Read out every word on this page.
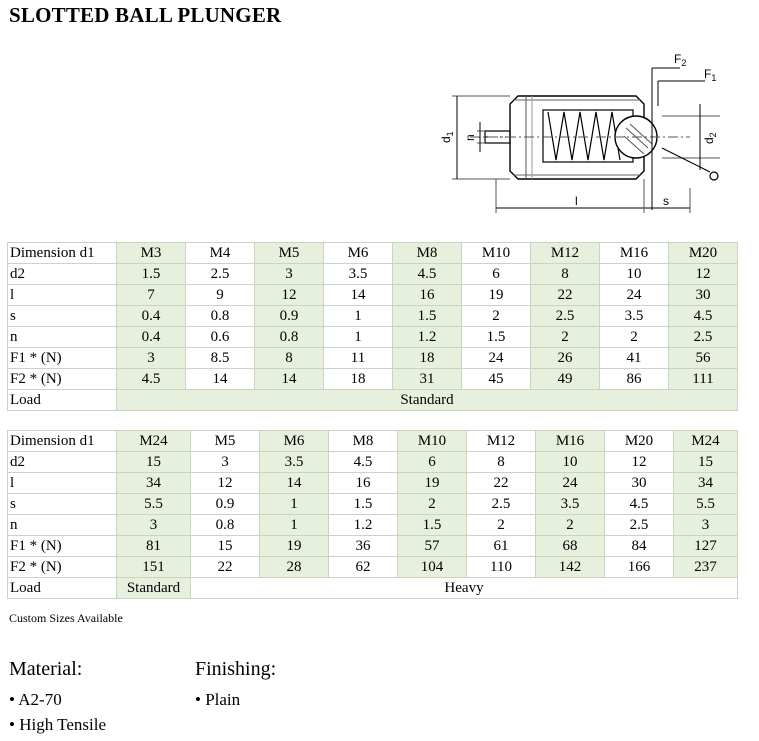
SLOTTED BALL PLUNGER
$F_2$
$F_1$
$d_1$
n	$d_2$
l	s
Dimension d1	M3	M4	M5	M6	M8	M10	M12	M16	M20
d2	1.5	2.5	3	3.5	4.5	6	8	10	12
l	7	9	12	14	16	19	22	24	30
s	0.4	0.8	0.9	1	1.5	2	2.5	3.5	4.5
n	0.4	0.6	0.8	1	1.2	1.5	2	2	2.5
F1 * (N)	3	8.5	8	11	18	24	26	41	56
F2 * (N)	4.5	14	14	18	31	45	49	86	111
Load	Standard								
Dimension d1	M24	M5	M6	M8	M10	M12	M16	M20	M24
d2	15	3	3.5	4.5	6	8	10	12	15
l	34	12	14	16	19	22	24	30	34
s	5.5	0.9	1	1.5	2	2.5	3.5	4.5	5.5
n	3	0.8	1	1.2	1.5	2	2	2.5	3
F1 * (N)	81	15	19	36	57	61	68	84	127
F2 * (N)	151	22	28	62	104	110	142	166	237
Load	Standard	Heavy							
Custom Sizes Available
Material:
• A2-70
• High Tensile
Finishing:
• Plain
